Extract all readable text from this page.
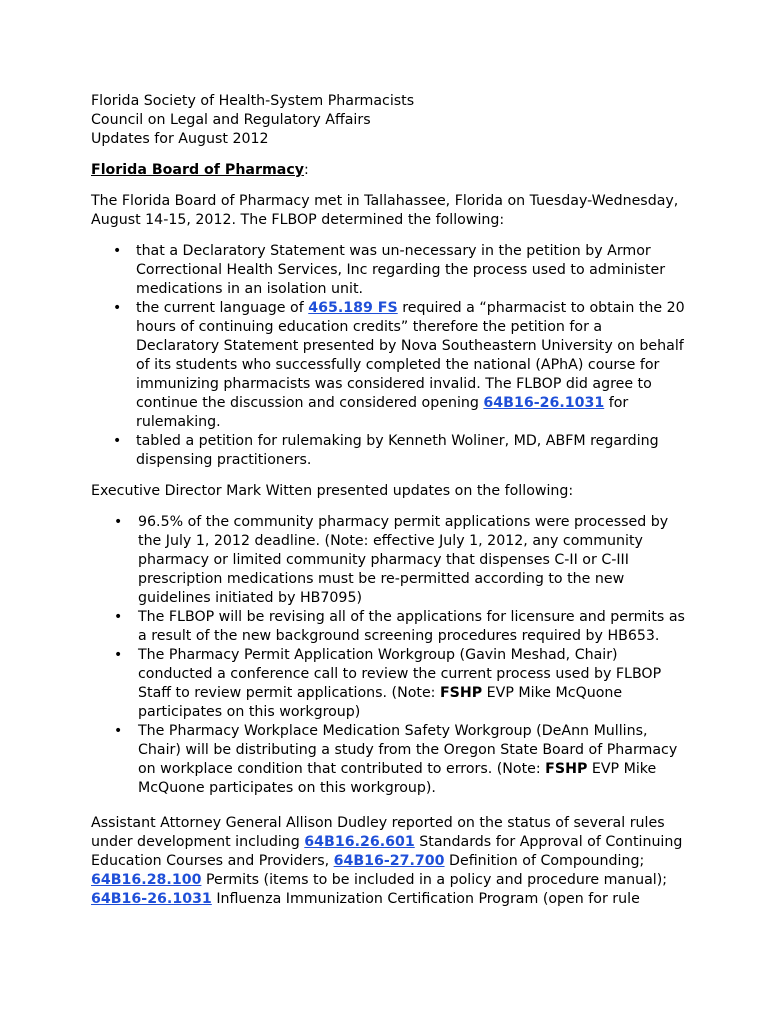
Florida Society of Health-System Pharmacists
Council on Legal and Regulatory Affairs
Updates for August 2012
Florida Board of Pharmacy:
The Florida Board of Pharmacy met in Tallahassee, Florida on Tuesday-Wednesday,
August 14-15, 2012. The FLBOP determined the following:
• that a Declaratory Statement was un-necessary in the petition by Armor
Correctional Health Services, Inc regarding the process used to administer
medications in an isolation unit.
• the current language of 465.189 FS required a “pharmacist to obtain the 20
hours of continuing education credits” therefore the petition for a
Declaratory Statement presented by Nova Southeastern University on behalf
of its students who successfully completed the national (APhA) course for
immunizing pharmacists was considered invalid. The FLBOP did agree to
continue the discussion and considered opening 64B16-26.1031 for
rulemaking.
• tabled a petition for rulemaking by Kenneth Woliner, MD, ABFM regarding
dispensing practitioners.
Executive Director Mark Witten presented updates on the following:
• 96.5% of the community pharmacy permit applications were processed by
the July 1, 2012 deadline. (Note: effective July 1, 2012, any community
pharmacy or limited community pharmacy that dispenses C-II or C-III
prescription medications must be re-permitted according to the new
guidelines initiated by HB7095)
• The FLBOP will be revising all of the applications for licensure and permits as
a result of the new background screening procedures required by HB653.
• The Pharmacy Permit Application Workgroup (Gavin Meshad, Chair)
conducted a conference call to review the current process used by FLBOP
Staff to review permit applications. (Note: FSHP EVP Mike McQuone
participates on this workgroup)
• The Pharmacy Workplace Medication Safety Workgroup (DeAnn Mullins,
Chair) will be distributing a study from the Oregon State Board of Pharmacy
on workplace condition that contributed to errors. (Note: FSHP EVP Mike
McQuone participates on this workgroup).
Assistant Attorney General Allison Dudley reported on the status of several rules
under development including 64B16.26.601 Standards for Approval of Continuing
Education Courses and Providers, 64B16-27.700 Definition of Compounding;
64B16.28.100 Permits (items to be included in a policy and procedure manual);
64B16-26.1031 Influenza Immunization Certification Program (open for rule
